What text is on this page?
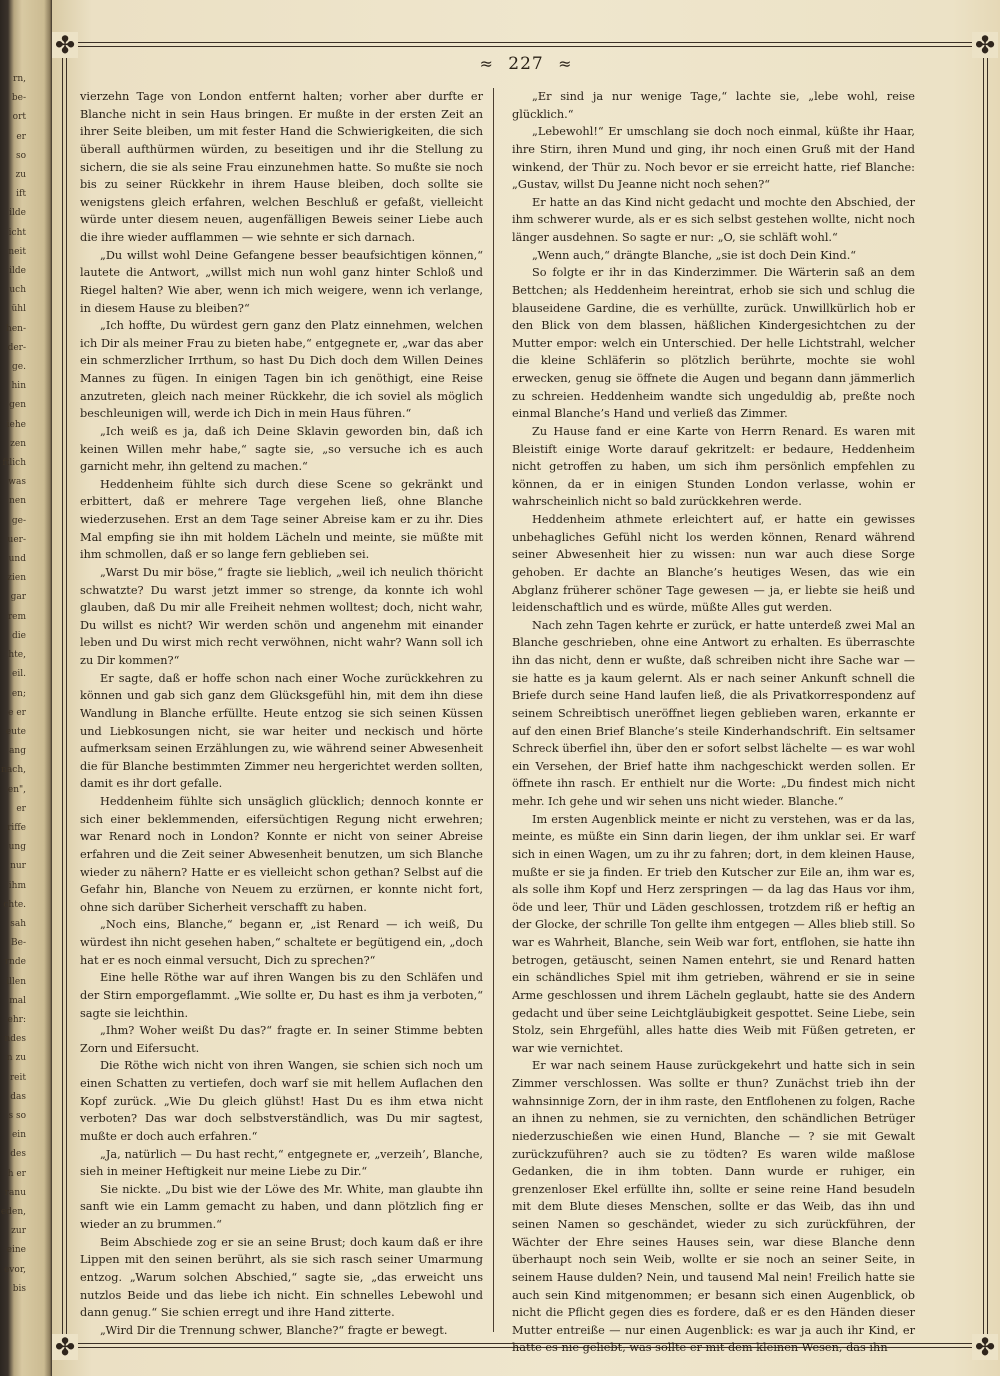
rn,
be-
ort
er
so
zu
ift
ilde
icht
neit
ilde
uch
ühl
hen-
der-
ge.
hin
gen
iehe
zen
ftlich
was
nen
ge-
uer-
und
zien
gar
rem
die
hte,
eil.
en;
e er
eute
ang
nach,
en",
er
riffe
ung
nur
ihm
chte.
sah
Be-
rnde
illen
mal
ehr:
ndes
n zu
reit
das
s so
ein
des
h er
ranu
eden,
zur
eine
evor,
bis
✤	✤
✤	✤
≈ 227 ≈

vierzehn Tage von London entfernt halten; vorher aber durfte er Blanche nicht in sein Haus bringen. Er mußte in der ersten Zeit an ihrer Seite bleiben, um mit fester Hand die Schwierigkeiten, die sich überall aufthürmen würden, zu beseitigen und ihr die Stellung zu sichern, die sie als seine Frau einzunehmen hatte. So mußte sie noch bis zu seiner Rückkehr in ihrem Hause bleiben, doch sollte sie wenigstens gleich erfahren, welchen Beschluß er gefaßt, vielleicht würde unter diesem neuen, augenfälligen Beweis seiner Liebe auch die ihre wieder aufflammen — wie sehnte er sich darnach.

„Du willst wohl Deine Gefangene besser beaufsichtigen können,“ lautete die Antwort, „willst mich nun wohl ganz hinter Schloß und Riegel halten? Wie aber, wenn ich mich weigere, wenn ich verlange, in diesem Hause zu bleiben?“

„Ich hoffte, Du würdest gern ganz den Platz einnehmen, welchen ich Dir als meiner Frau zu bieten habe,“ entgegnete er, „war das aber ein schmerzlicher Irrthum, so hast Du Dich doch dem Willen Deines Mannes zu fügen. In einigen Tagen bin ich genöthigt, eine Reise anzutreten, gleich nach meiner Rückkehr, die ich soviel als möglich beschleunigen will, werde ich Dich in mein Haus führen.“

„Ich weiß es ja, daß ich Deine Sklavin geworden bin, daß ich keinen Willen mehr habe,“ sagte sie, „so versuche ich es auch garnicht mehr, ihn geltend zu machen.“

Heddenheim fühlte sich durch diese Scene so gekränkt und erbittert, daß er mehrere Tage vergehen ließ, ohne Blanche wiederzusehen. Erst an dem Tage seiner Abreise kam er zu ihr. Dies Mal empfing sie ihn mit holdem Lächeln und meinte, sie müßte mit ihm schmollen, daß er so lange fern geblieben sei.

„Warst Du mir böse,“ fragte sie lieblich, „weil ich neulich thöricht schwatzte? Du warst jetzt immer so strenge, da konnte ich wohl glauben, daß Du mir alle Freiheit nehmen wolltest; doch, nicht wahr, Du willst es nicht? Wir werden schön und angenehm mit einander leben und Du wirst mich recht verwöhnen, nicht wahr? Wann soll ich zu Dir kommen?“

Er sagte, daß er hoffe schon nach einer Woche zurückkehren zu können und gab sich ganz dem Glücksgefühl hin, mit dem ihn diese Wandlung in Blanche erfüllte. Heute entzog sie sich seinen Küssen und Liebkosungen nicht, sie war heiter und neckisch und hörte aufmerksam seinen Erzählungen zu, wie während seiner Abwesenheit die für Blanche bestimmten Zimmer neu hergerichtet werden sollten, damit es ihr dort gefalle.

Heddenheim fühlte sich unsäglich glücklich; dennoch konnte er sich einer beklemmenden, eifersüchtigen Regung nicht erwehren; war Renard noch in London? Konnte er nicht von seiner Abreise erfahren und die Zeit seiner Abwesenheit benutzen, um sich Blanche wieder zu nähern? Hatte er es vielleicht schon gethan? Selbst auf die Gefahr hin, Blanche von Neuem zu erzürnen, er konnte nicht fort, ohne sich darüber Sicherheit verschafft zu haben.

„Noch eins, Blanche,“ begann er, „ist Renard — ich weiß, Du würdest ihn nicht gesehen haben,“ schaltete er begütigend ein, „doch hat er es noch einmal versucht, Dich zu sprechen?“

Eine helle Röthe war auf ihren Wangen bis zu den Schläfen und der Stirn emporgeflammt. „Wie sollte er, Du hast es ihm ja verboten,“ sagte sie leichthin.

„Ihm? Woher weißt Du das?“ fragte er. In seiner Stimme bebten Zorn und Eifersucht.

Die Röthe wich nicht von ihren Wangen, sie schien sich noch um einen Schatten zu vertiefen, doch warf sie mit hellem Auflachen den Kopf zurück. „Wie Du gleich glühst! Hast Du es ihm etwa nicht verboten? Das war doch selbstverständlich, was Du mir sagtest, mußte er doch auch erfahren.“

„Ja, natürlich — Du hast recht,“ entgegnete er, „verzeih’, Blanche, sieh in meiner Heftigkeit nur meine Liebe zu Dir.“

Sie nickte. „Du bist wie der Löwe des Mr. White, man glaubte ihn sanft wie ein Lamm gemacht zu haben, und dann plötzlich fing er wieder an zu brummen.“

Beim Abschiede zog er sie an seine Brust; doch kaum daß er ihre Lippen mit den seinen berührt, als sie sich rasch seiner Umarmung entzog. „Warum solchen Abschied,“ sagte sie, „das erweicht uns nutzlos Beide und das liebe ich nicht. Ein schnelles Lebewohl und dann genug.“ Sie schien erregt und ihre Hand zitterte.

„Wird Dir die Trennung schwer, Blanche?“ fragte er bewegt.

„Er sind ja nur wenige Tage,“ lachte sie, „lebe wohl, reise glücklich.“

„Lebewohl!“ Er umschlang sie doch noch einmal, küßte ihr Haar, ihre Stirn, ihren Mund und ging, ihr noch einen Gruß mit der Hand winkend, der Thür zu. Noch bevor er sie erreicht hatte, rief Blanche: „Gustav, willst Du Jeanne nicht noch sehen?“

Er hatte an das Kind nicht gedacht und mochte den Abschied, der ihm schwerer wurde, als er es sich selbst gestehen wollte, nicht noch länger ausdehnen. So sagte er nur: „O, sie schläft wohl.“

„Wenn auch,“ drängte Blanche, „sie ist doch Dein Kind.“

So folgte er ihr in das Kinderzimmer. Die Wärterin saß an dem Bettchen; als Heddenheim hereintrat, erhob sie sich und schlug die blauseidene Gardine, die es verhüllte, zurück. Unwillkürlich hob er den Blick von dem blassen, häßlichen Kindergesichtchen zu der Mutter empor: welch ein Unterschied. Der helle Lichtstrahl, welcher die kleine Schläferin so plötzlich berührte, mochte sie wohl erwecken, genug sie öffnete die Augen und begann dann jämmerlich zu schreien. Heddenheim wandte sich ungeduldig ab, preßte noch einmal Blanche’s Hand und verließ das Zimmer.

Zu Hause fand er eine Karte von Herrn Renard. Es waren mit Bleistift einige Worte darauf gekritzelt: er bedaure, Heddenheim nicht getroffen zu haben, um sich ihm persönlich empfehlen zu können, da er in einigen Stunden London verlasse, wohin er wahrscheinlich nicht so bald zurückkehren werde.

Heddenheim athmete erleichtert auf, er hatte ein gewisses unbehagliches Gefühl nicht los werden können, Renard während seiner Abwesenheit hier zu wissen: nun war auch diese Sorge gehoben. Er dachte an Blanche’s heutiges Wesen, das wie ein Abglanz früherer schöner Tage gewesen — ja, er liebte sie heiß und leidenschaftlich und es würde, müßte Alles gut werden.

Nach zehn Tagen kehrte er zurück, er hatte unterdeß zwei Mal an Blanche geschrieben, ohne eine Antwort zu erhalten. Es überraschte ihn das nicht, denn er wußte, daß schreiben nicht ihre Sache war — sie hatte es ja kaum gelernt. Als er nach seiner Ankunft schnell die Briefe durch seine Hand laufen ließ, die als Privatkorrespondenz auf seinem Schreibtisch uneröffnet liegen geblieben waren, erkannte er auf den einen Brief Blanche’s steile Kinderhandschrift. Ein seltsamer Schreck überfiel ihn, über den er sofort selbst lächelte — es war wohl ein Versehen, der Brief hatte ihm nachgeschickt werden sollen. Er öffnete ihn rasch. Er enthielt nur die Worte: „Du findest mich nicht mehr. Ich gehe und wir sehen uns nicht wieder. Blanche.“

Im ersten Augenblick meinte er nicht zu verstehen, was er da las, meinte, es müßte ein Sinn darin liegen, der ihm unklar sei. Er warf sich in einen Wagen, um zu ihr zu fahren; dort, in dem kleinen Hause, mußte er sie ja finden. Er trieb den Kutscher zur Eile an, ihm war es, als solle ihm Kopf und Herz zerspringen — da lag das Haus vor ihm, öde und leer, Thür und Läden geschlossen, trotzdem riß er heftig an der Glocke, der schrille Ton gellte ihm entgegen — Alles blieb still. So war es Wahrheit, Blanche, sein Weib war fort, entflohen, sie hatte ihn betrogen, getäuscht, seinen Namen entehrt, sie und Renard hatten ein schändliches Spiel mit ihm getrieben, während er sie in seine Arme geschlossen und ihrem Lächeln geglaubt, hatte sie des Andern gedacht und über seine Leichtgläubigkeit gespottet. Seine Liebe, sein Stolz, sein Ehrgefühl, alles hatte dies Weib mit Füßen getreten, er war wie vernichtet.

Er war nach seinem Hause zurückgekehrt und hatte sich in sein Zimmer verschlossen. Was sollte er thun? Zunächst trieb ihn der wahnsinnige Zorn, der in ihm raste, den Entflohenen zu folgen, Rache an ihnen zu nehmen, sie zu vernichten, den schändlichen Betrüger niederzuschießen wie einen Hund, Blanche — ? sie mit Gewalt zurückzuführen? auch sie zu tödten? Es waren wilde maßlose Gedanken, die in ihm tobten. Dann wurde er ruhiger, ein grenzenloser Ekel erfüllte ihn, sollte er seine reine Hand besudeln mit dem Blute dieses Menschen, sollte er das Weib, das ihn und seinen Namen so geschändet, wieder zu sich zurückführen, der Wächter der Ehre seines Hauses sein, war diese Blanche denn überhaupt noch sein Weib, wollte er sie noch an seiner Seite, in seinem Hause dulden? Nein, und tausend Mal nein! Freilich hatte sie auch sein Kind mitgenommen; er besann sich einen Augenblick, ob nicht die Pflicht gegen dies es fordere, daß er es den Händen dieser Mutter entreiße — nur einen Augenblick: es war ja auch ihr Kind, er hatte es nie geliebt, was sollte er mit dem kleinen Wesen, das ihn
